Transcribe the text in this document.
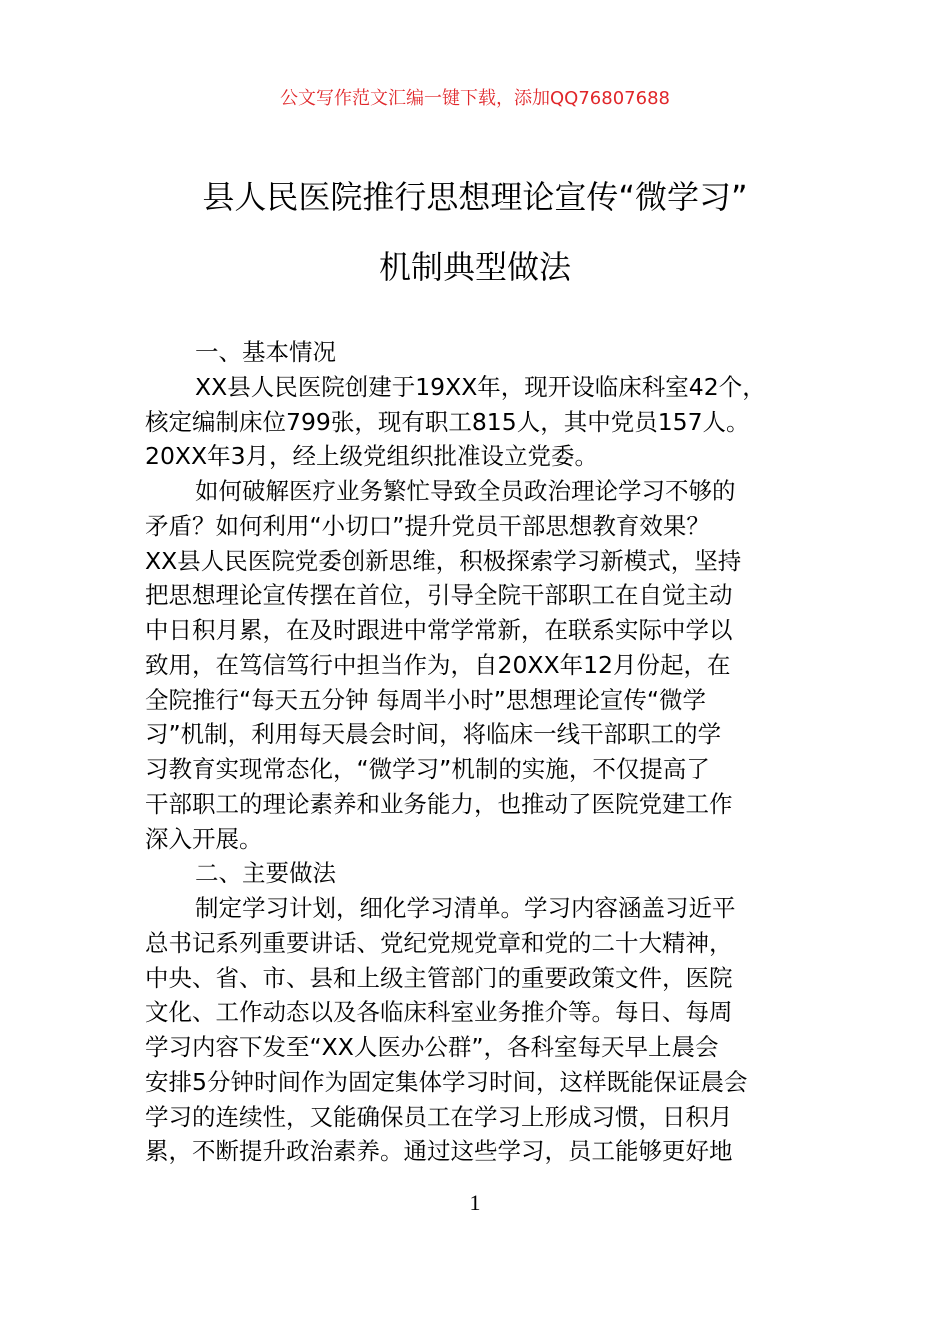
公文写作范文汇编一键下载，添加QQ76807688
县人民医院推行思想理论宣传“微学习”
机制典型做法
一、基本情况
XX县人民医院创建于19XX年，现开设临床科室42个，
核定编制床位799张，现有职工815人，其中党员157人。
20XX年3月，经上级党组织批准设立党委。
如何破解医疗业务繁忙导致全员政治理论学习不够的
矛盾？如何利用“小切口”提升党员干部思想教育效果？
XX县人民医院党委创新思维，积极探索学习新模式，坚持
把思想理论宣传摆在首位，引导全院干部职工在自觉主动
中日积月累，在及时跟进中常学常新，在联系实际中学以
致用，在笃信笃行中担当作为，自20XX年12月份起，在
全院推行“每天五分钟 每周半小时”思想理论宣传“微学
习”机制，利用每天晨会时间，将临床一线干部职工的学
习教育实现常态化，“微学习”机制的实施，不仅提高了
干部职工的理论素养和业务能力，也推动了医院党建工作
深入开展。
二、主要做法
制定学习计划，细化学习清单。学习内容涵盖习近平
总书记系列重要讲话、党纪党规党章和党的二十大精神，
中央、省、市、县和上级主管部门的重要政策文件，医院
文化、工作动态以及各临床科室业务推介等。每日、每周
学习内容下发至“XX人医办公群”，各科室每天早上晨会
安排5分钟时间作为固定集体学习时间，这样既能保证晨会
学习的连续性，又能确保员工在学习上形成习惯，日积月
累，不断提升政治素养。通过这些学习，员工能够更好地
1
